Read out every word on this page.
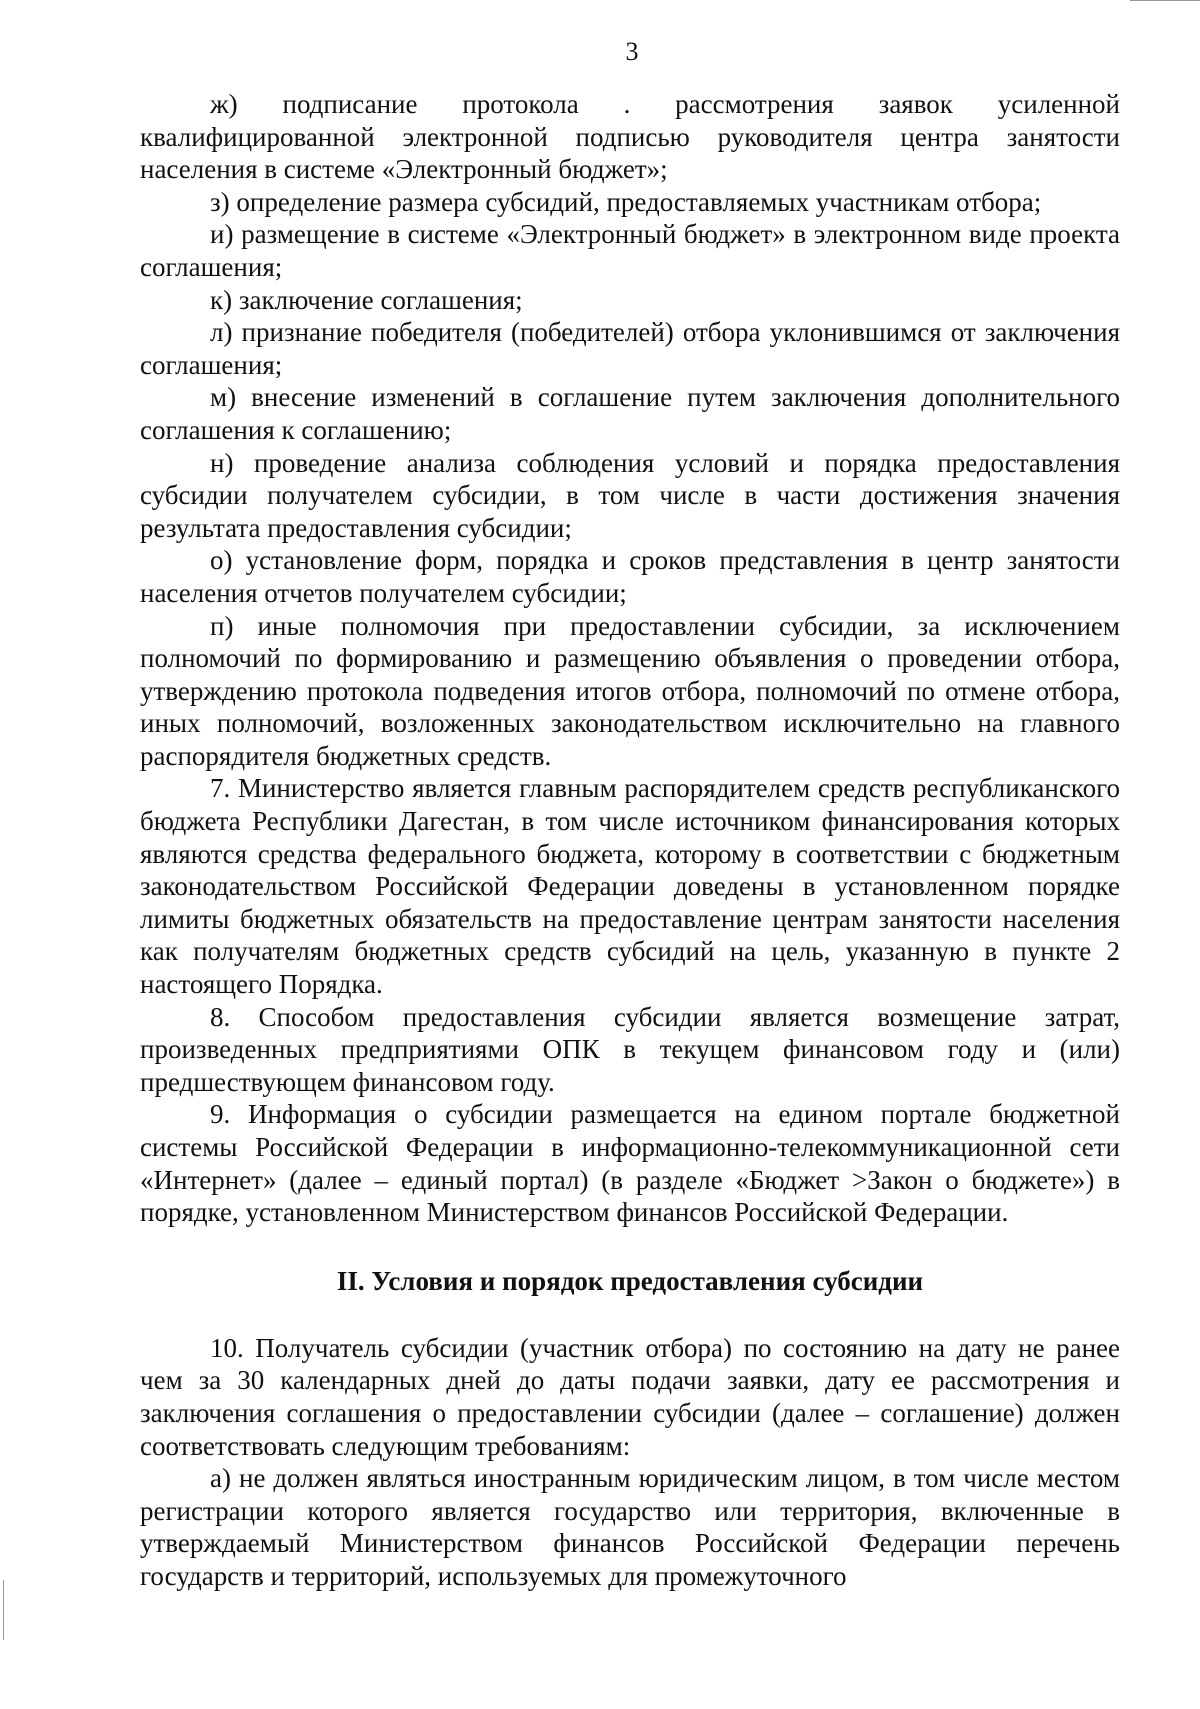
3

ж) подписание протокола . рассмотрения заявок усиленной квалифицированной электронной подписью руководителя центра занятости населения в системе «Электронный бюджет»;

з) определение размера субсидий, предоставляемых участникам отбора;

и) размещение в системе «Электронный бюджет» в электронном виде проекта соглашения;

к) заключение соглашения;

л) признание победителя (победителей) отбора уклонившимся от заключения соглашения;

м) внесение изменений в соглашение путем заключения дополнительного соглашения к соглашению;

н) проведение анализа соблюдения условий и порядка предоставления субсидии получателем субсидии, в том числе в части достижения значения результата предоставления субсидии;

о) установление форм, порядка и сроков представления в центр занятости населения отчетов получателем субсидии;

п) иные полномочия при предоставлении субсидии, за исключением полномочий по формированию и размещению объявления о проведении отбора, утверждению протокола подведения итогов отбора, полномочий по отмене отбора, иных полномочий, возложенных законодательством исключительно на главного распорядителя бюджетных средств.

7. Министерство является главным распорядителем средств республиканского бюджета Республики Дагестан, в том числе источником финансирования которых являются средства федерального бюджета, которому в соответствии с бюджетным законодательством Российской Федерации доведены в установленном порядке лимиты бюджетных обязательств на предоставление центрам занятости населения как получателям бюджетных средств субсидий на цель, указанную в пункте 2 настоящего Порядка.

8. Способом предоставления субсидии является возмещение затрат, произведенных предприятиями ОПК в текущем финансовом году и (или) предшествующем финансовом году.

9. Информация о субсидии размещается на едином портале бюджетной системы Российской Федерации в информационно-телекоммуникационной сети «Интернет» (далее – единый портал) (в разделе «Бюджет >Закон о бюджете») в порядке, установленном Министерством финансов Российской Федерации.

II. Условия и порядок предоставления субсидии

10. Получатель субсидии (участник отбора) по состоянию на дату не ранее чем за 30 календарных дней до даты подачи заявки, дату ее рассмотрения и заключения соглашения о предоставлении субсидии (далее – соглашение) должен соответствовать следующим требованиям:

а) не должен являться иностранным юридическим лицом, в том числе местом регистрации которого является государство или территория, включенные в утверждаемый Министерством финансов Российской Федерации перечень государств и территорий, используемых для промежуточного
